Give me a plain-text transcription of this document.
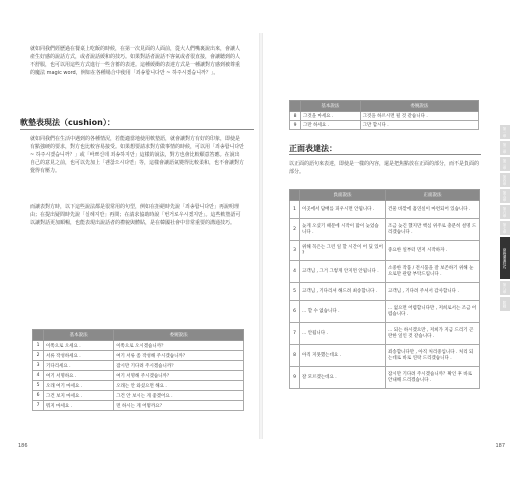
就如同我們經歷過在餐桌上吃飯的時候，在第一次見面的人面前，從大人們嘴裏說出來，會讓人產生好感的說話方式，或者說話緩和的技巧。如果對話者說話不客氣或者很直接，會讓聽到的人不舒服，也可以用這些方式進行一些含蓄的表達。這種緩衝的表達方式是一種讓對方感到被尊重的魔法 magic word，例如在各種場合中使用「죄송합니다만 ~ 하주시겠습니까？」。
軟墊表現法（cushion）：
就如同我們在生活中遇到的各種情況，若能適當地使用軟墊語，就會讓對方有好的印象，即使是有點強硬的要求，對方也比較容易接受。如果想要請求對方做事情的時候，可以用「죄송합니다만 ~ 하주시겠습니까？」或「바쁘신데 죄송하지만」這樣的說法，對方也會比較願意答應。在說出自己的意見之前，也可以先加上「괜찮으시다면」等，這樣會讓語氣變得比較柔和，也不會讓對方覺得有壓力。
而讓表對方時，以下這些說法都是很常用的句型，例如在拒絕時先說「죄송합니다만」再說明理由；在提出疑問時先說「실례지만」再問；在請求協助時說「번거로우시겠지만」。這些軟墊語可以讓對話更加順暢，也能表現出說話者的禮貌與體貼，是在韓國社會中非常重要的溝通技巧。
	基本說法	委婉說法
1	이쪽으로 오세요 .	이쪽으로 오시겠습니까？
2	서류 작성하세요 .	여기 서류 좀 작성해 주시겠습니까？
3	기다리세요 .	잠시만 기다려 주시겠습니까？
4	여기 서명하요 .	여기 서명해 주시겠습니까？
5	오래 여기 마세요 .	오래는 안 와셨으면 해요 .
6	그건 보지 마세요 .	그건 안 보시는 게 좋겠어요 .
7	뭐지 마세요 .	먼 하시는 게 어떻까요？
186
	基本說法	委婉說法
8	그것을 마세요 .	그것을 하르시면 될 것 같습니다 .
9	그만 하세요 .	그만 합시다 .
正面表達法：
以正面的語句來表達，即使是一樣的內容，還是把焦點放在正面的部分，而不是負面的部分。
	負面說法	正面說法
1	이곳에서 담배를 피우시면 안됩니다 .	건물 바깥에 흡연실이 마련되어 있습니다 .
2	늦게 오셨기 때문에 시작이 많이 늦었습니다 .	조금 늦긴 했지만 핵심 위주로 충분히 설명 드리겠습니다 .
3	위해 꼭은는 그런 일 할 시간이 어 딨 있어 ?	중요한 일부터 먼저 시작하자 .
4	고객님 , 그거 그렇게 안지면 안됩니다 .	소중한 작품 / 전시품을 잘 보존하기 위해 눈으로만 관람 부탁드립니다 .
5	고객님 , 기다리셔 해드려 최송합니다 .	고객님 , 기다려 주셔서 감사합니다 .
6	... 할 수 없습니다 .	... 없으면 어렵합니다만 , 저희로서는 조금 어렵습니다 .
7	... 안됩니다 .	... 되는 하시겠으만 , 저희가 지금 드리기 곤란한 일인 것 같습니다 .
8	아직 지못했는데요 .	죄송합니다만 , 아직 처리중입니다 . 처리 되는데로 바로 연락 드리겠습니다 .
9	잘 모르겠는데요 .	잠시만 기다려 주시겠습니까？확인 후 바로 안내해 드리겠습니다 .
第一章
第二章
第三章
第四章
第五章
第六章
第七章
商務溝通技巧
第八章
附錄
187
